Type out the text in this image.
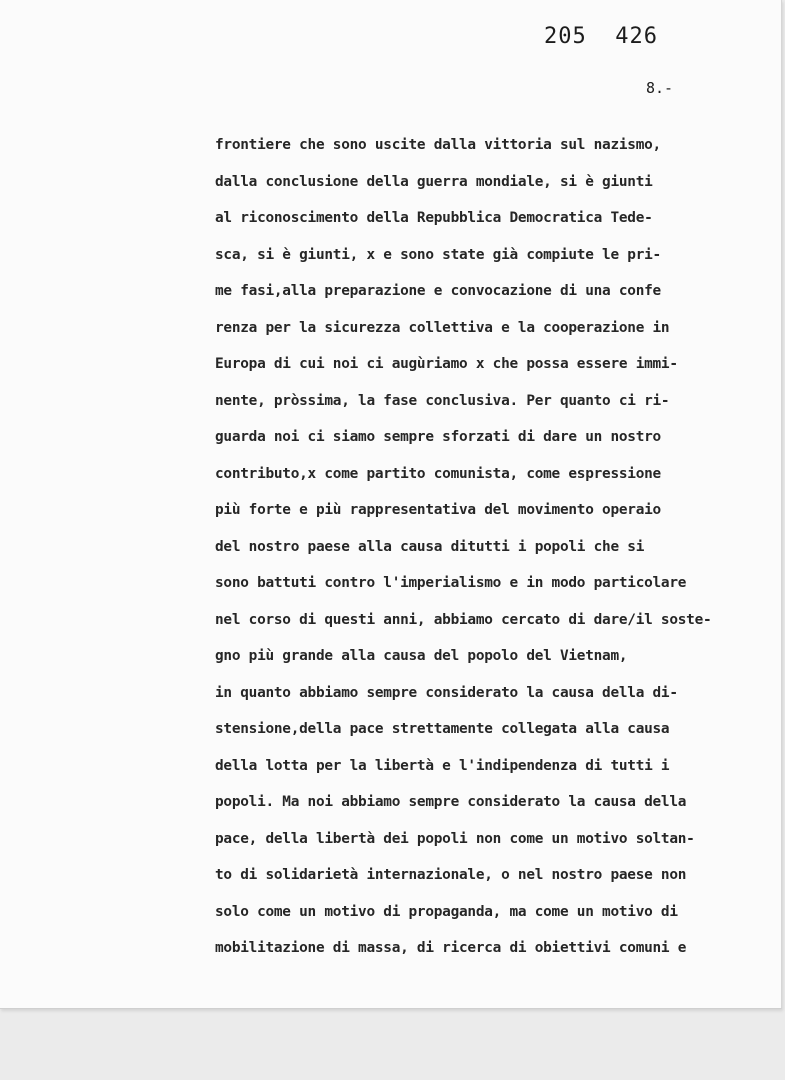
205  426

8.-

frontiere che sono uscite dalla vittoria sul nazismo,
dalla conclusione della guerra mondiale, si è giunti
al riconoscimento della Repubblica Democratica Tede-
sca, si è giunti, x e sono state già compiute le pri-
me fasi,alla preparazione e convocazione di una confe
renza per la sicurezza collettiva e la cooperazione in
Europa di cui noi ci augùriamo x che possa essere immi-
nente, pròssima, la fase conclusiva. Per quanto ci ri-
guarda noi ci siamo sempre sforzati di dare un nostro
contributo,x come partito comunista, come espressione
più forte e più rappresentativa del movimento operaio
del nostro paese alla causa ditutti i popoli che si
sono battuti contro l'imperialismo e in modo particolare
nel corso di questi anni, abbiamo cercato di dare/il soste-
gno più grande alla causa del popolo del Vietnam,
in quanto abbiamo sempre considerato la causa della di-
stensione,della pace strettamente collegata alla causa
della lotta per la libertà e l'indipendenza di tutti i
popoli. Ma noi abbiamo sempre considerato la causa della
pace, della libertà dei popoli non come un motivo soltan-
to di solidarietà internazionale, o nel nostro paese non
solo come un motivo di propaganda, ma come un motivo di
mobilitazione di massa, di ricerca di obiettivi comuni e
